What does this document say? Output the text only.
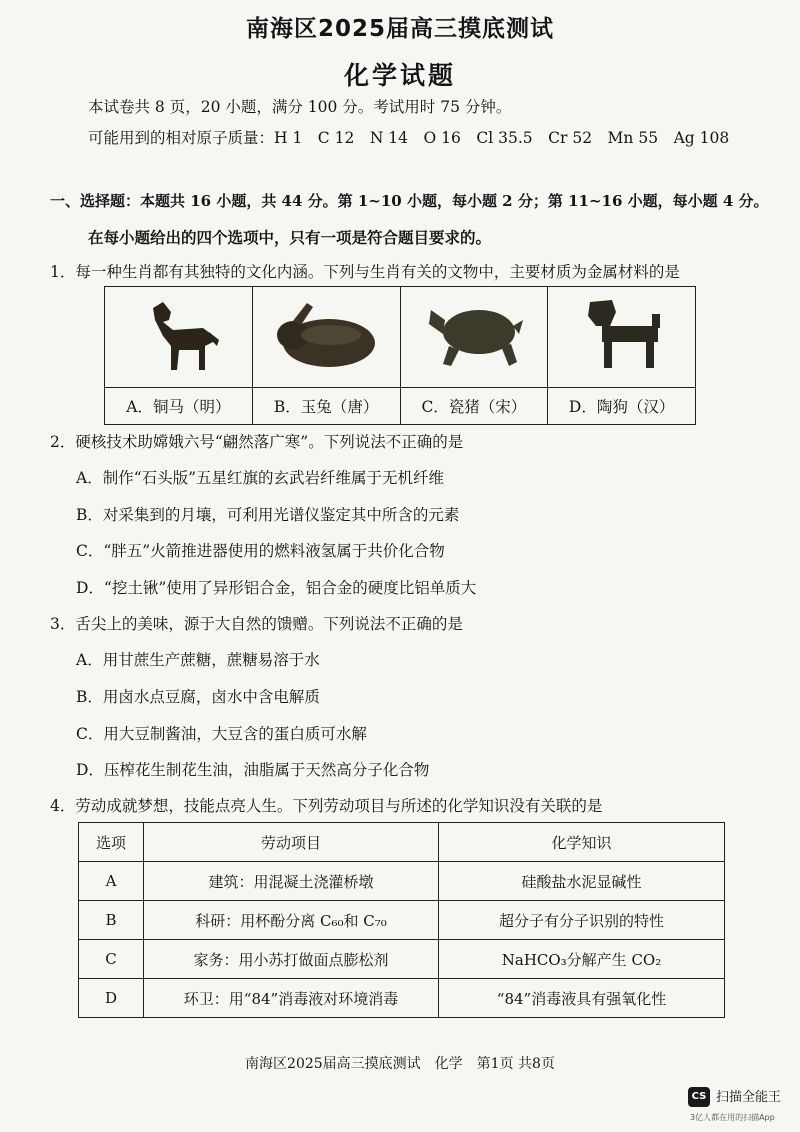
南海区2025届高三摸底测试
化学试题
本试卷共 8 页，20 小题，满分 100 分。考试用时 75 分钟。
可能用到的相对原子质量：H 1　C 12　N 14　O 16　Cl 35.5　Cr 52　Mn 55　Ag 108
一、选择题：本题共 16 小题，共 44 分。第 1~10 小题，每小题 2 分；第 11~16 小题，每小题 4 分。
在每小题给出的四个选项中，只有一项是符合题目要求的。
1．每一种生肖都有其独特的文化内涵。下列与生肖有关的文物中，主要材质为金属材料的是

A．铜马（明）	B．玉兔（唐）	C．瓷猪（宋）	D．陶狗（汉）
2．硬核技术助嫦娥六号“翩然落广寒”。下列说法不正确的是
A．制作“石头版”五星红旗的玄武岩纤维属于无机纤维
B．对采集到的月壤，可利用光谱仪鉴定其中所含的元素
C．“胖五”火箭推进器使用的燃料液氢属于共价化合物
D．“挖土锹”使用了异形铝合金，铝合金的硬度比铝单质大
3．舌尖上的美味，源于大自然的馈赠。下列说法不正确的是
A．用甘蔗生产蔗糖，蔗糖易溶于水
B．用卤水点豆腐，卤水中含电解质
C．用大豆制酱油，大豆含的蛋白质可水解
D．压榨花生制花生油，油脂属于天然高分子化合物
4．劳动成就梦想，技能点亮人生。下列劳动项目与所述的化学知识没有关联的是
选项	劳动项目	化学知识
A	建筑：用混凝土浇灌桥墩	硅酸盐水泥显碱性
B	科研：用杯酚分离 C₆₀和 C₇₀	超分子有分子识别的特性
C	家务：用小苏打做面点膨松剂	NaHCO₃分解产生 CO₂
D	环卫：用“84”消毒液对环境消毒	“84”消毒液具有强氧化性
南海区2025届高三摸底测试　化学　第1页 共8页
CS 扫描全能王
3亿人都在用的扫描App
